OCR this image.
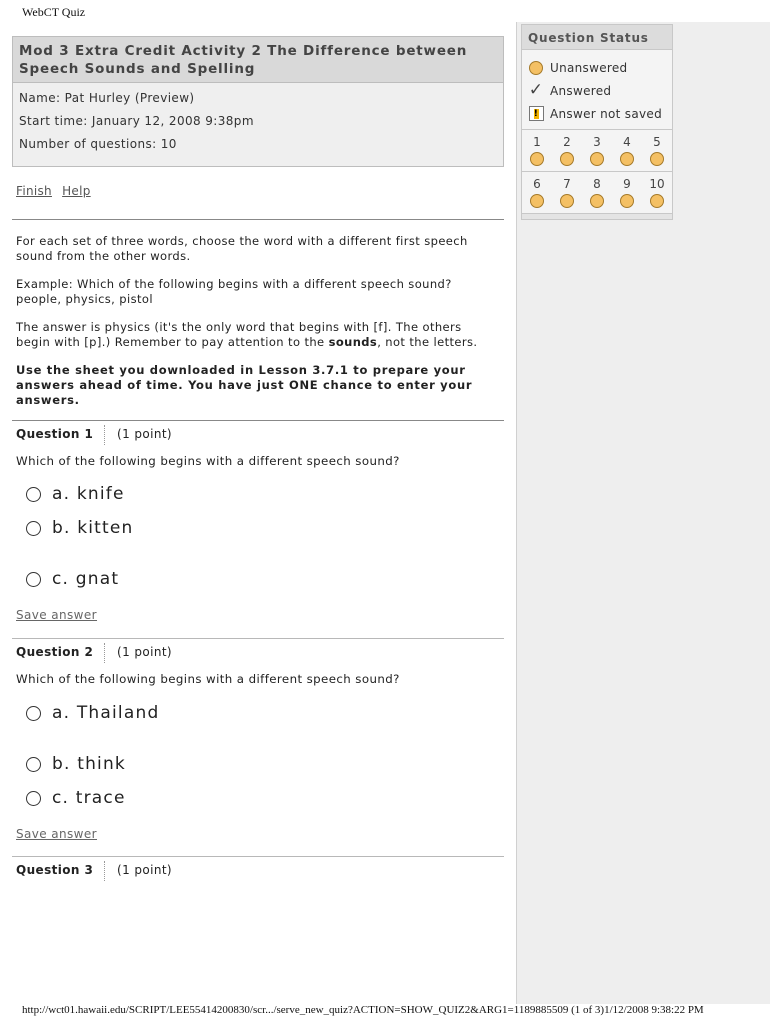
WebCT Quiz
Mod 3 Extra Credit Activity 2 The Difference between Speech Sounds and Spelling
Name: Pat Hurley (Preview)
Start time: January 12, 2008 9:38pm
Number of questions: 10
Finish Help

For each set of three words, choose the word with a different first speech sound from the other words.

Example: Which of the following begins with a different speech sound?
people, physics, pistol

The answer is physics (it's the only word that begins with [f]. The others begin with [p].) Remember to pay attention to the sounds, not the letters.

Use the sheet you downloaded in Lesson 3.7.1 to prepare your answers ahead of time. You have just ONE chance to enter your answers.

Question 1 (1 point)
Which of the following begins with a different speech sound?
a. knife
b. kitten
c. gnat
Save answer
Question 2 (1 point)
Which of the following begins with a different speech sound?
a. Thailand
b. think
c. trace
Save answer
Question 3 (1 point)
Question Status
Unanswered
✓ Answered
! Answer not saved
1	2	3	4	5
6	7	8	9	10
http://wct01.hawaii.edu/SCRIPT/LEE55414200830/scr.../serve_new_quiz?ACTION=SHOW_QUIZ2&ARG1=1189885509 (1 of 3)1/12/2008 9:38:22 PM
